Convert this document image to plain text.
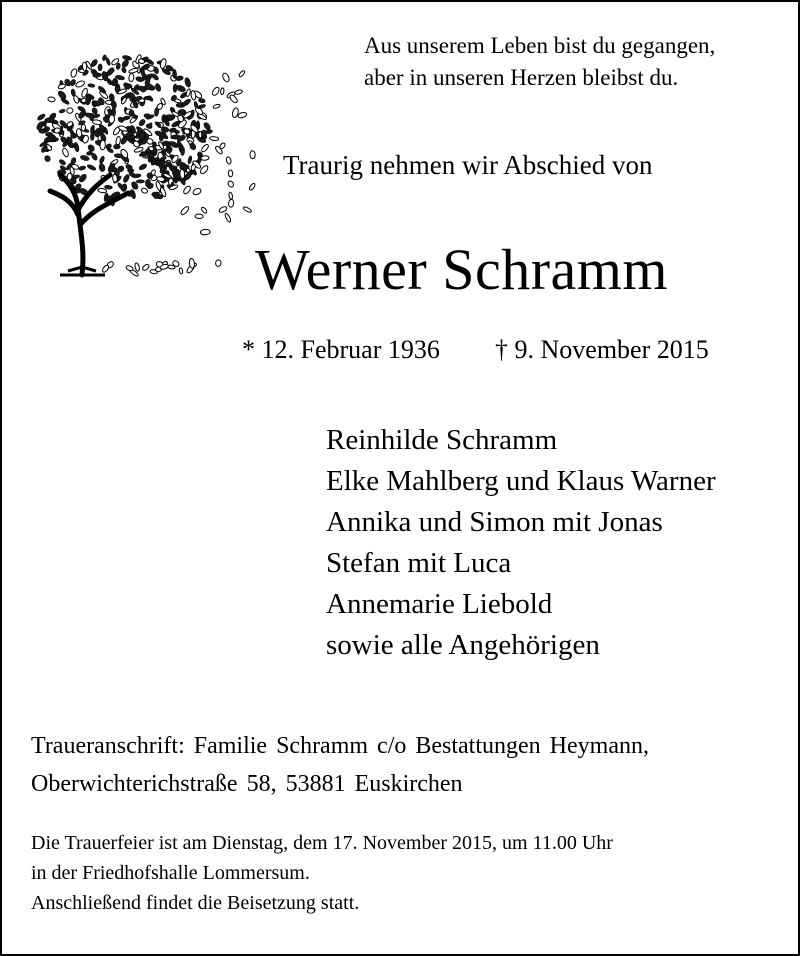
Aus unserem Leben bist du gegangen,
aber in unseren Herzen bleibst du.
Traurig nehmen wir Abschied von
Werner Schramm
* 12. Februar 1936 † 9. November 2015
Reinhilde Schramm
Elke Mahlberg und Klaus Warner
Annika und Simon mit Jonas
Stefan mit Luca
Annemarie Liebold
sowie alle Angehörigen
Traueranschrift: Familie Schramm c/o Bestattungen Heymann,
Oberwichterichstraße 58, 53881 Euskirchen
Die Trauerfeier ist am Dienstag, dem 17. November 2015, um 11.00 Uhr
in der Friedhofshalle Lommersum.
Anschließend findet die Beisetzung statt.
